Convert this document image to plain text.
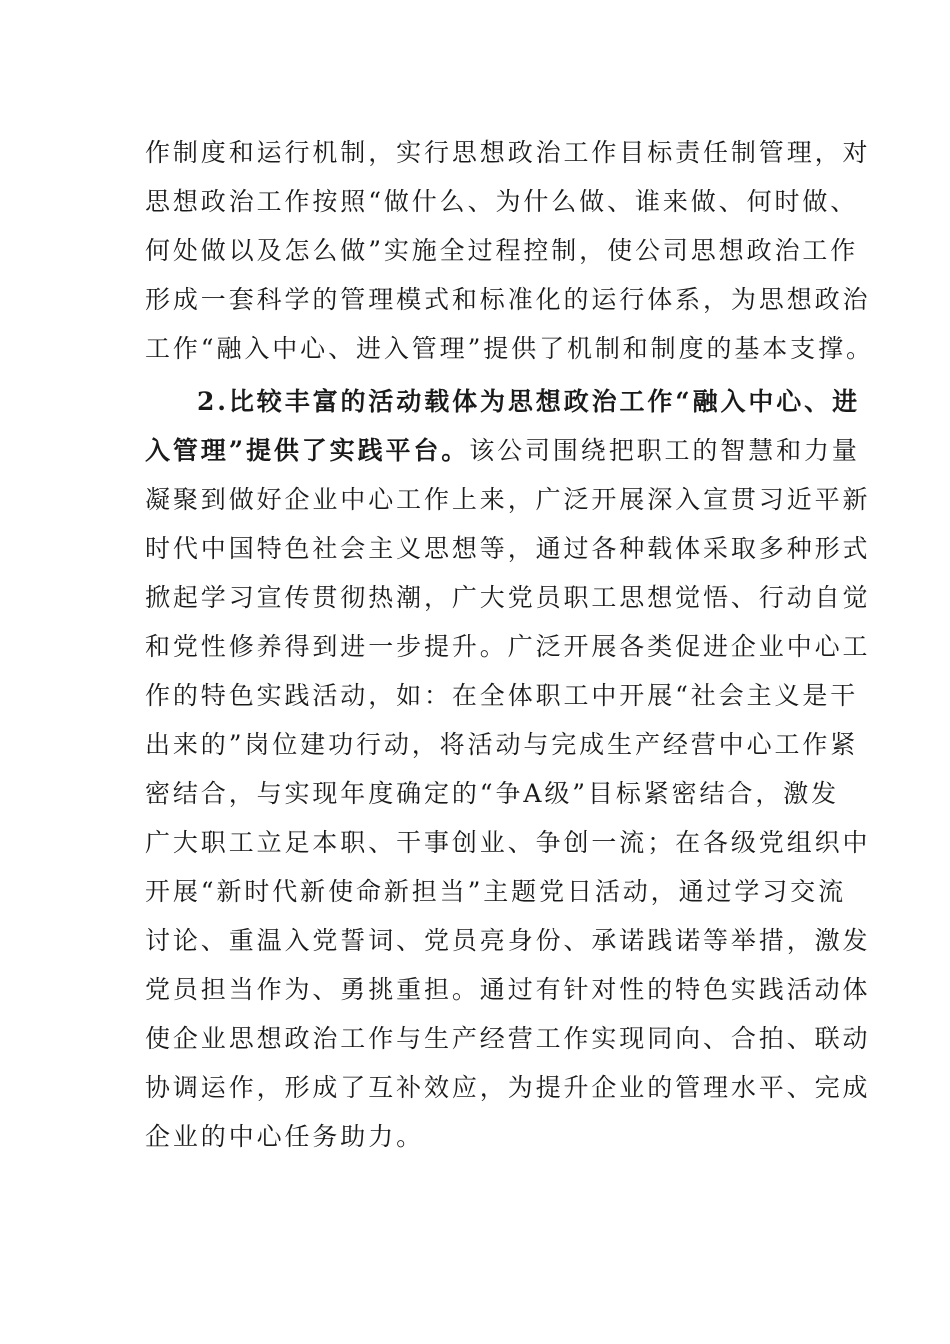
作制度和运行机制，实行思想政治工作目标责任制管理，对
思想政治工作按照“做什么、为什么做、谁来做、何时做、
何处做以及怎么做”实施全过程控制，使公司思想政治工作
形成一套科学的管理模式和标准化的运行体系，为思想政治
工作“融入中心、进入管理”提供了机制和制度的基本支撑。
2.比较丰富的活动载体为思想政治工作“融入中心、进
入管理”提供了实践平台。该公司围绕把职工的智慧和力量
凝聚到做好企业中心工作上来，广泛开展深入宣贯习近平新
时代中国特色社会主义思想等，通过各种载体采取多种形式
掀起学习宣传贯彻热潮，广大党员职工思想觉悟、行动自觉
和党性修养得到进一步提升。广泛开展各类促进企业中心工
作的特色实践活动，如：在全体职工中开展“社会主义是干
出来的”岗位建功行动，将活动与完成生产经营中心工作紧
密结合，与实现年度确定的“争A级”目标紧密结合，激发
广大职工立足本职、干事创业、争创一流；在各级党组织中
开展“新时代新使命新担当”主题党日活动，通过学习交流
讨论、重温入党誓词、党员亮身份、承诺践诺等举措，激发
党员担当作为、勇挑重担。通过有针对性的特色实践活动体
使企业思想政治工作与生产经营工作实现同向、合拍、联动
协调运作，形成了互补效应，为提升企业的管理水平、完成
企业的中心任务助力。
